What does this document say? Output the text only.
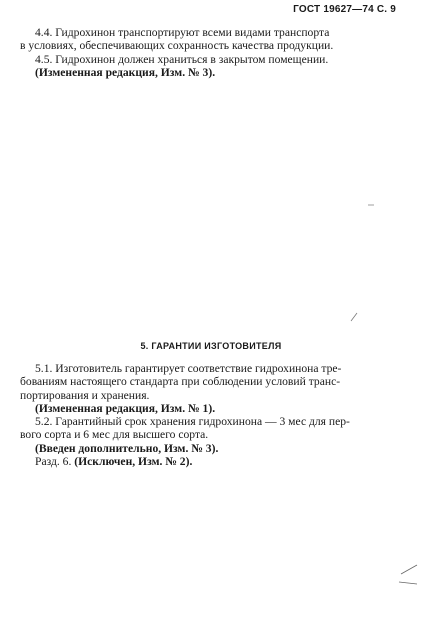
ГОСТ 19627—74 С. 9

4.4. Гидрохинон транспортируют всеми видами транспорта

в условиях, обеспечивающих сохранность качества продукции.

4.5. Гидрохинон должен храниться в закрытом помещении.

(Измененная редакция, Изм. № 3).

5. ГАРАНТИИ ИЗГОТОВИТЕЛЯ

5.1. Изготовитель гарантирует соответствие гидрохинона тре-

бованиям настоящего стандарта при соблюдении условий транс-

портирования и хранения.

(Измененная редакция, Изм. № 1).

5.2. Гарантийный срок хранения гидрохинона — 3 мес для пер-

вого сорта и 6 мес для высшего сорта.

(Введен дополнительно, Изм. № 3).

Разд. 6. (Исключен, Изм. № 2).
